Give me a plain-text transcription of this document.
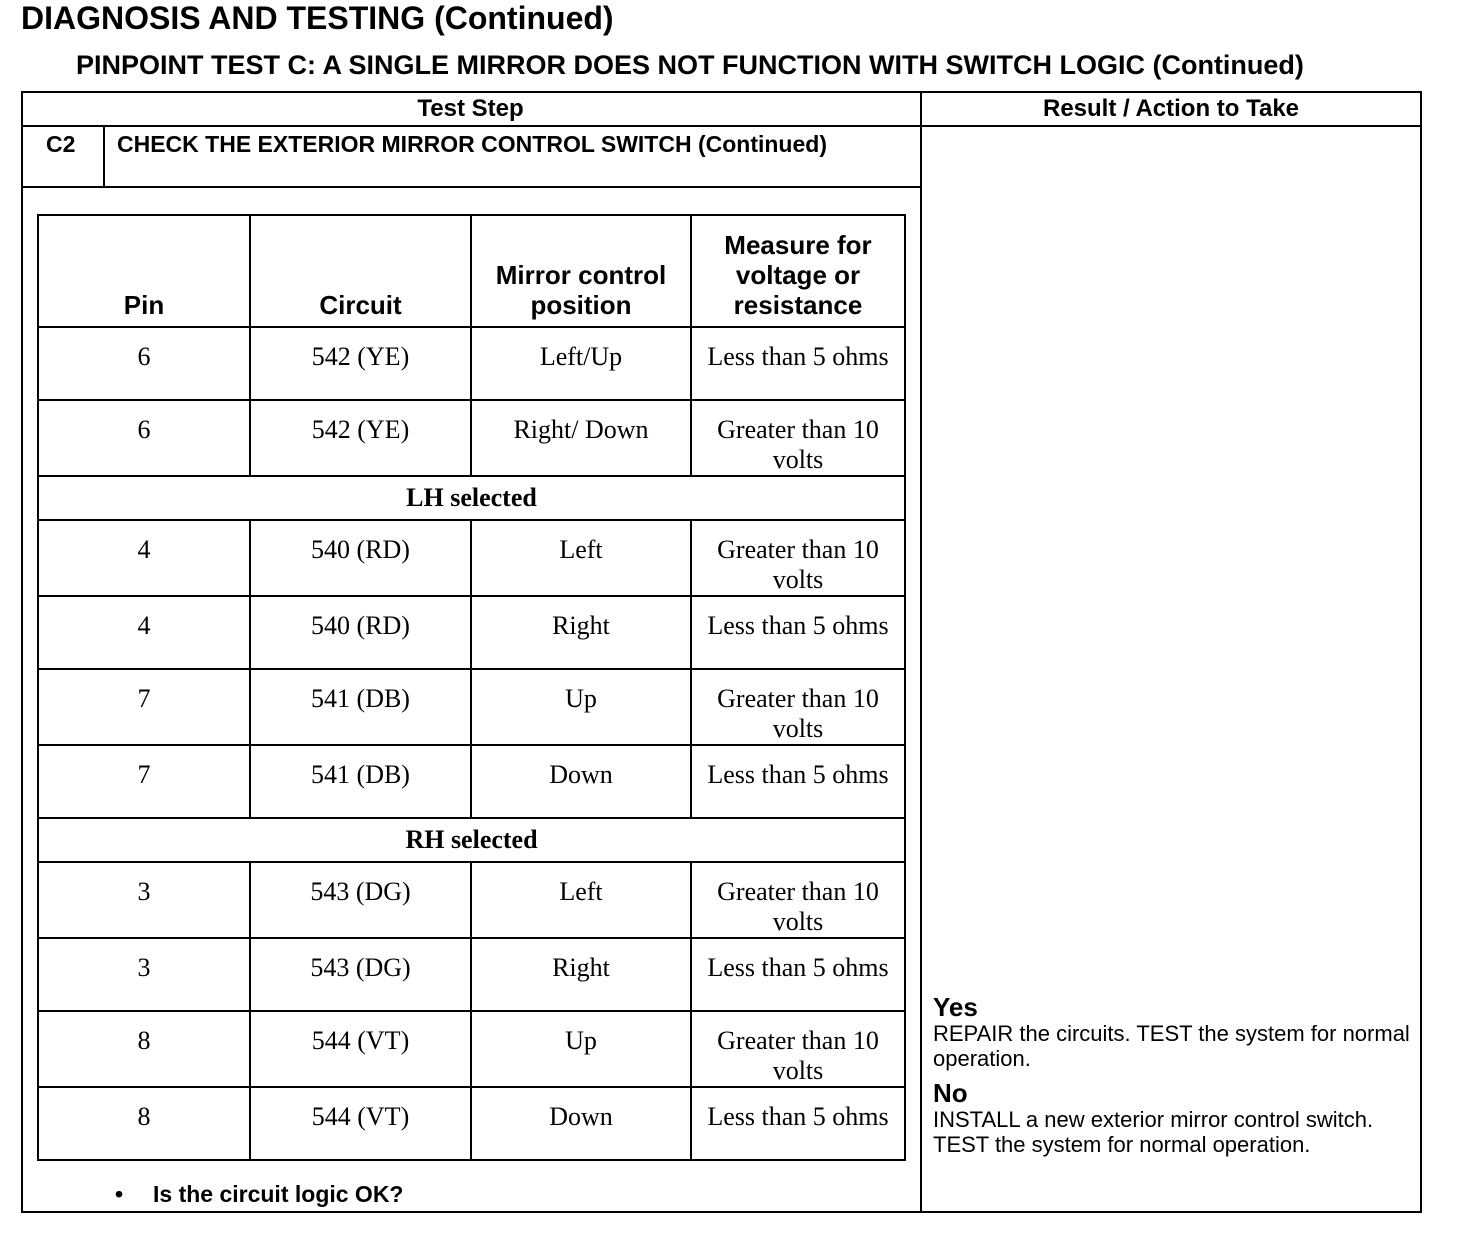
DIAGNOSIS AND TESTING (Continued)
PINPOINT TEST C: A SINGLE MIRROR DOES NOT FUNCTION WITH SWITCH LOGIC (Continued)
Test Step	Result / Action to Take
C2 CHECK THE EXTERIOR MIRROR CONTROL SWITCH (Continued)
Pin	Circuit	Mirror control position	Measure for voltage or resistance
6	542 (YE)	Left/Up	Less than 5 ohms
6	542 (YE)	Right/ Down	Greater than 10 volts
LH selected			
4	540 (RD)	Left	Greater than 10 volts
4	540 (RD)	Right	Less than 5 ohms
7	541 (DB)	Up	Greater than 10 volts
7	541 (DB)	Down	Less than 5 ohms
RH selected			
3	543 (DG)	Left	Greater than 10 volts
3	543 (DG)	Right	Less than 5 ohms
8	544 (VT)	Up	Greater than 10 volts
8	544 (VT)	Down	Less than 5 ohms
• Is the circuit logic OK?
Yes
REPAIR the circuits. TEST the system for normal operation.
No
INSTALL a new exterior mirror control switch. TEST the system for normal operation.
